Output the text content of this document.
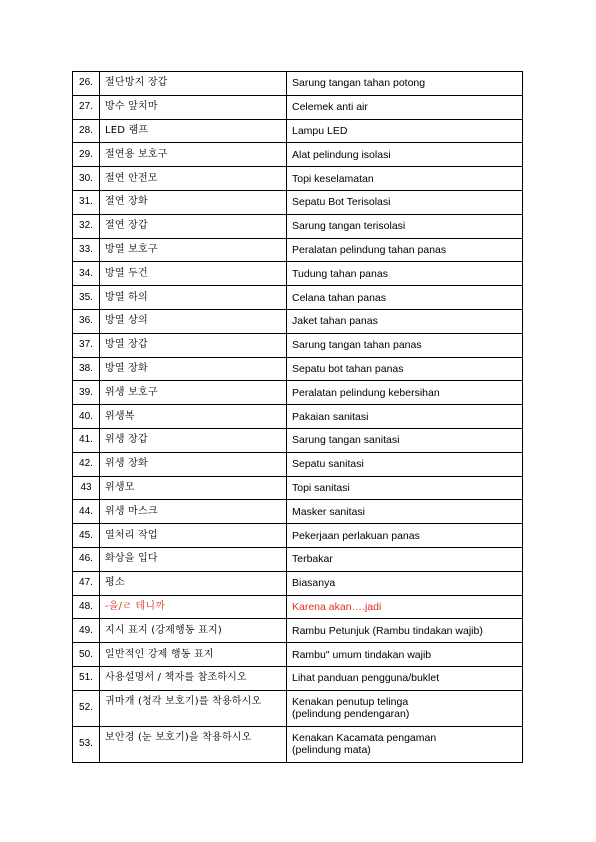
26.	절단방지 장갑	Sarung tangan tahan potong
27.	방수 앞치마	Celemek anti air
28.	LED 램프	Lampu LED
29.	절연용 보호구	Alat pelindung isolasi
30.	절연 안전모	Topi keselamatan
31.	절연 장화	Sepatu Bot Terisolasi
32.	절연 장갑	Sarung tangan terisolasi
33.	방열 보호구	Peralatan pelindung tahan panas
34.	방열 두건	Tudung tahan panas
35.	방열 하의	Celana tahan panas
36.	방열 상의	Jaket tahan panas
37.	방열 장갑	Sarung tangan tahan panas
38.	방열 장화	Sepatu bot tahan panas
39.	위생 보호구	Peralatan pelindung kebersihan
40.	위생복	Pakaian sanitasi
41.	위생 장갑	Sarung tangan sanitasi
42.	위생 장화	Sepatu sanitasi
43	위생모	Topi sanitasi
44.	위생 마스크	Masker sanitasi
45.	열처리 작업	Pekerjaan perlakuan panas
46.	화상을 입다	Terbakar
47.	평소	Biasanya
48.	-을/ㄹ 테니까	Karena akan….jadi
49.	지시 표지 (강제행동 표지)	Rambu Petunjuk (Rambu tindakan wajib)
50.	일반적인 강제 행동 표지	Rambu" umum tindakan wajib
51.	사용설명서 / 책자를 참조하시오	Lihat panduan pengguna/buklet
52.	귀마개 (청각 보호기)를 착용하시오	Kenakan penutup telinga
(pelindung pendengaran)
53.	보안경 (눈 보호기)을 착용하시오	Kenakan Kacamata pengaman
(pelindung mata)
